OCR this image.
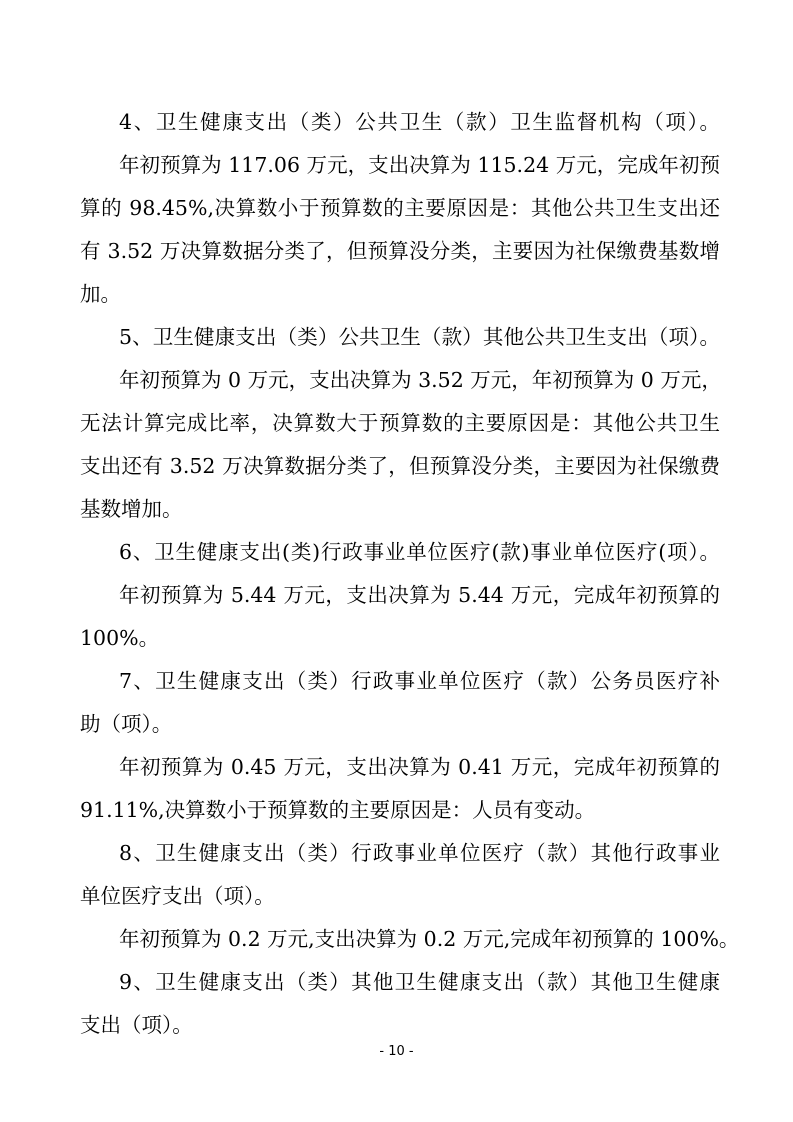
4、卫生健康支出（类）公共卫生（款）卫生监督机构（项）。
年初预算为 117.06 万元，支出决算为 115.24 万元，完成年初预
算的 98.45%,决算数小于预算数的主要原因是：其他公共卫生支出还
有 3.52 万决算数据分类了，但预算没分类，主要因为社保缴费基数增
加。
5、卫生健康支出（类）公共卫生（款）其他公共卫生支出（项）。
年初预算为 0 万元，支出决算为 3.52 万元，年初预算为 0 万元，
无法计算完成比率，决算数大于预算数的主要原因是：其他公共卫生
支出还有 3.52 万决算数据分类了，但预算没分类，主要因为社保缴费
基数增加。
6、卫生健康支出(类)行政事业单位医疗(款)事业单位医疗(项）。
年初预算为 5.44 万元，支出决算为 5.44 万元，完成年初预算的
100%。
7、卫生健康支出（类）行政事业单位医疗（款）公务员医疗补
助（项）。
年初预算为 0.45 万元，支出决算为 0.41 万元，完成年初预算的
91.11%,决算数小于预算数的主要原因是：人员有变动。
8、卫生健康支出（类）行政事业单位医疗（款）其他行政事业
单位医疗支出（项）。
年初预算为 0.2 万元,支出决算为 0.2 万元,完成年初预算的 100%。
9、卫生健康支出（类）其他卫生健康支出（款）其他卫生健康
支出（项）。
- 10 -
